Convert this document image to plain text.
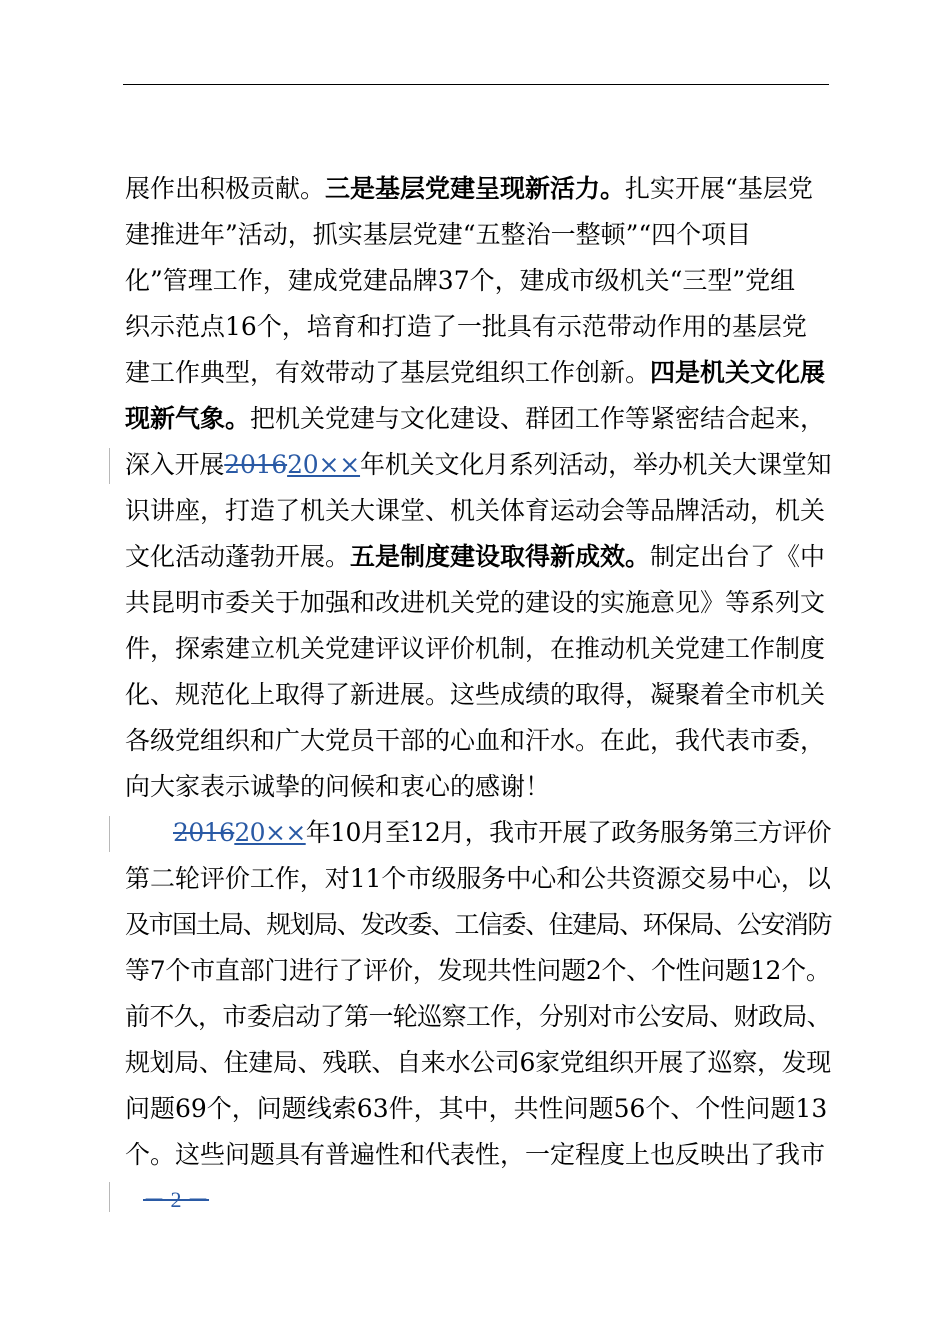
展作出积极贡献。三是基层党建呈现新活力。扎实开展“基层党
建推进年”活动，抓实基层党建“五整治一整顿”“四个项目
化”管理工作，建成党建品牌37个，建成市级机关“三型”党组
织示范点16个，培育和打造了一批具有示范带动作用的基层党
建工作典型，有效带动了基层党组织工作创新。四是机关文化展
现新气象。把机关党建与文化建设、群团工作等紧密结合起来，
深入开展201620××年机关文化月系列活动，举办机关大课堂知
识讲座，打造了机关大课堂、机关体育运动会等品牌活动，机关
文化活动蓬勃开展。五是制度建设取得新成效。制定出台了《中
共昆明市委关于加强和改进机关党的建设的实施意见》等系列文
件，探索建立机关党建评议评价机制，在推动机关党建工作制度
化、规范化上取得了新进展。这些成绩的取得，凝聚着全市机关
各级党组织和广大党员干部的心血和汗水。在此，我代表市委，
向大家表示诚挚的问候和衷心的感谢！
201620××年10月至12月，我市开展了政务服务第三方评价
第二轮评价工作，对11个市级服务中心和公共资源交易中心，以
及市国土局、规划局、发改委、工信委、住建局、环保局、公安消防
等7个市直部门进行了评价，发现共性问题2个、个性问题12个。
前不久，市委启动了第一轮巡察工作，分别对市公安局、财政局、
规划局、住建局、残联、自来水公司6家党组织开展了巡察，发现
问题69个，问题线索63件，其中，共性问题56个、个性问题13
个。这些问题具有普遍性和代表性，一定程度上也反映出了我市
－ 2 －
